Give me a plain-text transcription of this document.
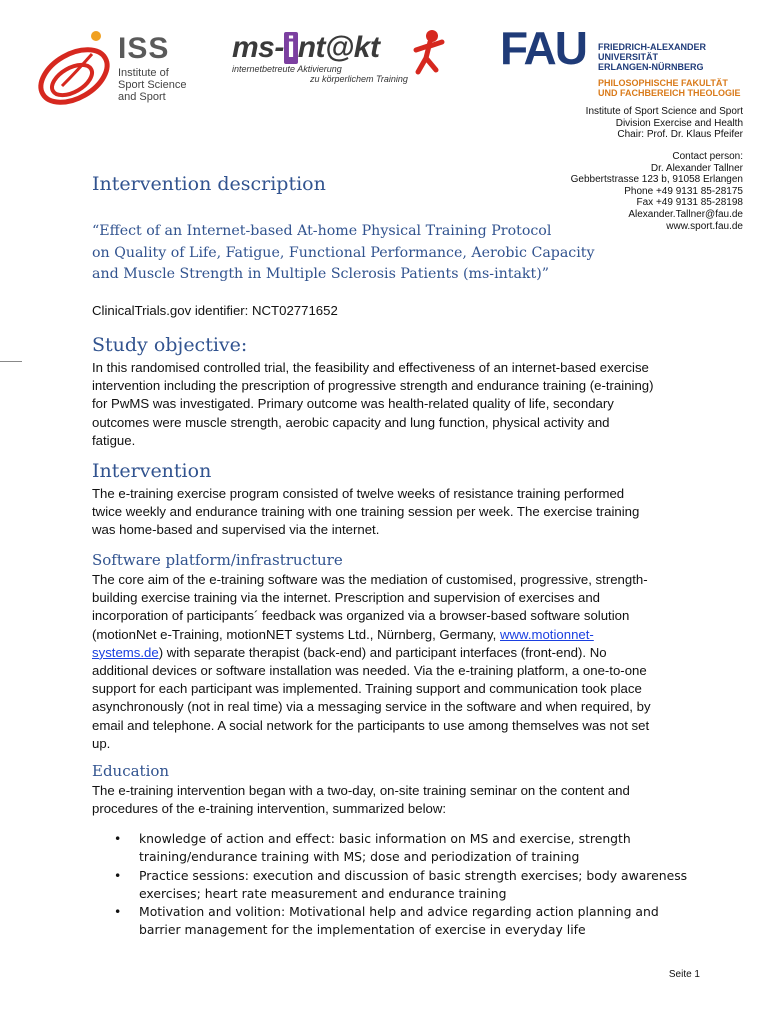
ISS
Institute of
Sport Science
and Sport
ms- i nt@kt
internetbetreute Aktivierung
zu körperlichem Training
FAU FRIEDRICH-ALEXANDER
UNIVERSITÄT
ERLANGEN-NÜRNBERG
PHILOSOPHISCHE FAKULTÄT
UND FACHBEREICH THEOLOGIE
Institute of Sport Science and Sport
Division Exercise and Health
Chair: Prof. Dr. Klaus Pfeifer
Contact person:
Dr. Alexander Tallner
Gebbertstrasse 123 b, 91058 Erlangen
Phone +49 9131 85-28175
Fax +49 9131 85-28198
Alexander.Tallner@fau.de
www.sport.fau.de
Intervention description
“Effect of an Internet-based At-home Physical Training Protocol
on Quality of Life, Fatigue, Functional Performance, Aerobic Capacity
and Muscle Strength in Multiple Sclerosis Patients (ms-intakt)”
ClinicalTrials.gov identifier: NCT02771652
Study objective:
In this randomised controlled trial, the feasibility and effectiveness of an internet-based exercise
intervention including the prescription of progressive strength and endurance training (e-training)
for PwMS was investigated. Primary outcome was health-related quality of life, secondary
outcomes were muscle strength, aerobic capacity and lung function, physical activity and
fatigue.
Intervention
The e-training exercise program consisted of twelve weeks of resistance training performed
twice weekly and endurance training with one training session per week. The exercise training
was home-based and supervised via the internet.
Software platform/infrastructure
The core aim of the e-training software was the mediation of customised, progressive, strength-
building exercise training via the internet. Prescription and supervision of exercises and
incorporation of participants´ feedback was organized via a browser-based software solution
(motionNet e-Training, motionNET systems Ltd., Nürnberg, Germany, www.motionnet-
systems.de) with separate therapist (back-end) and participant interfaces (front-end). No
additional devices or software installation was needed. Via the e-training platform, a one-to-one
support for each participant was implemented. Training support and communication took place
asynchronously (not in real time) via a messaging service in the software and when required, by
email and telephone. A social network for the participants to use among themselves was not set
up.
Education
The e-training intervention began with a two-day, on-site training seminar on the content and
procedures of the e-training intervention, summarized below:
• knowledge of action and effect: basic information on MS and exercise, strength
training/endurance training with MS; dose and periodization of training
• Practice sessions: execution and discussion of basic strength exercises; body awareness
exercises; heart rate measurement and endurance training
• Motivation and volition: Motivational help and advice regarding action planning and
barrier management for the implementation of exercise in everyday life
Seite 1
